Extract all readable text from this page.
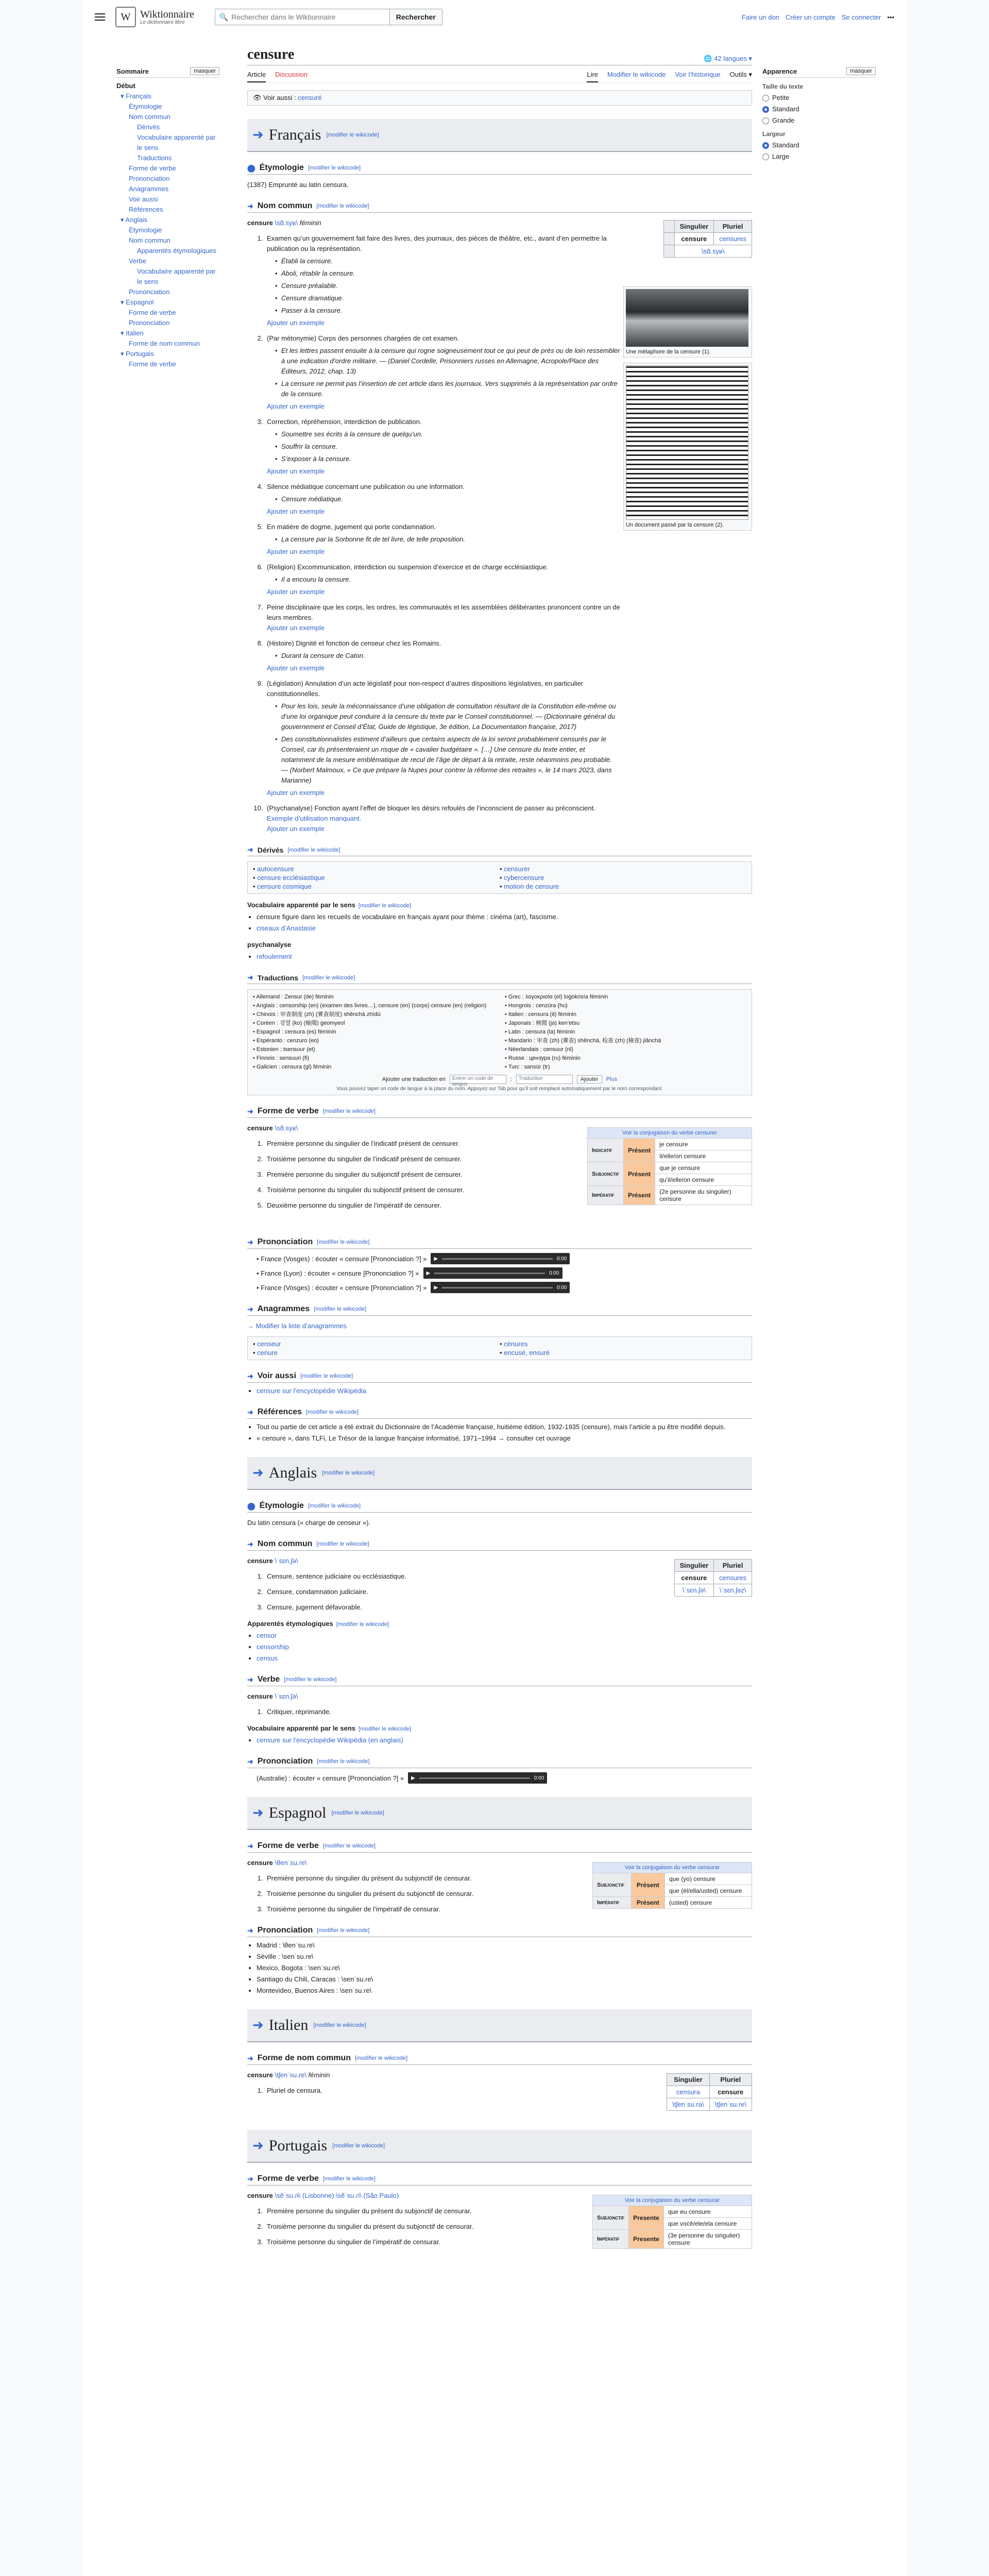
W Wiktionnaire
Le dictionnaire libre
🔍 Rechercher dans le Wiktionnaire	Rechercher	Faire un don Créer un compte Se connecter •••
Sommaire	masquer
Début
▾ Français
Étymologie
Nom commun
Dérivés
Vocabulaire apparenté par le sens
Traductions
Forme de verbe
Prononciation
Anagrammes
Voir aussi
Références
▾ Anglais
Étymologie
Nom commun
Apparentés étymologiques
Verbe
Vocabulaire apparenté par le sens
Prononciation
▾ Espagnol
Forme de verbe
Prononciation
▾ Italien
Forme de nom commun
▾ Portugais
Forme de verbe
Apparence	masquer
Taille du texte
Petite
Standard
Grande
Largeur
Standard
Large
censure	🌐 42 langues ▾
Article Discussion	Lire Modifier le wikicode Voir l’historique Outils ▾
👁 Voir aussi : censuré
➜ Français [modifier le wikicode]
⬤ Étymologie [modifier le wikicode]
(1387) Emprunté au latin censura.
➜ Nom commun [modifier le wikicode]
	Singulier	Pluriel
	censure	censures
	\sɑ̃.syʁ\	
Une métaphore de la censure (1).
Un document passé par la censure (2).
censure \sɑ̃.syʁ\ féminin
1. Examen qu’un gouvernement fait faire des livres, des journaux, des pièces de théâtre, etc., avant d’en permettre la publication ou la représentation.
• Établi la censure.
• Aboli, rétablir la censure.
• Censure préalable.
• Censure dramatique.
• Passer à la censure.
Ajouter un exemple
2. (Par métonymie) Corps des personnes chargées de cet examen.
• Et les lettres passent ensuite à la censure qui rogne soigneusement tout ce qui peut de près ou de loin ressembler à une indication d’ordre militaire. — (Daniel Cordelle, Prisonniers russes en Allemagne, Acropole/Place des Éditeurs, 2012, chap. 13)
• La censure ne permit pas l’insertion de cet article dans les journaux. Vers supprimés à la représentation par ordre de la censure.
Ajouter un exemple
3. Correction, répréhension, interdiction de publication.
• Soumettre ses écrits à la censure de quelqu’un.
• Souffrir la censure.
• S’exposer à la censure.
Ajouter un exemple
4. Silence médiatique concernant une publication ou une information.
• Censure médiatique.
Ajouter un exemple
5. En matière de dogme, jugement qui porte condamnation.
• La censure par la Sorbonne fit de tel livre, de telle proposition.
Ajouter un exemple
6. (Religion) Excommunication, interdiction ou suspension d’exercice et de charge ecclésiastique.
• Il a encouru la censure.
Ajouter un exemple
7. Peine disciplinaire que les corps, les ordres, les communautés et les assemblées délibérantes prononcent contre un de leurs membres.
Ajouter un exemple
8. (Histoire) Dignité et fonction de censeur chez les Romains.
• Durant la censure de Caton.
Ajouter un exemple
9. (Législation) Annulation d’un acte législatif pour non-respect d’autres dispositions législatives, en particulier constitutionnelles.
• Pour les lois, seule la méconnaissance d’une obligation de consultation résultant de la Constitution elle-même ou d’une loi organique peut conduire à la censure du texte par le Conseil constitutionnel. — (Dictionnaire général du gouvernement et Conseil d’État, Guide de légistique, 3e édition, La Documentation française, 2017)
• Des constitutionnalistes estiment d’ailleurs que certains aspects de la loi seront probablement censurés par le Conseil, car ils présenteraient un risque de « cavalier budgétaire ». […] Une censure du texte entier, et notamment de la mesure emblématique de recul de l’âge de départ à la retraite, reste néanmoins peu probable. — (Norbert Malmoux, « Ce que prépare la Nupes pour contrer la réforme des retraites », le 14 mars 2023, dans Marianne)
Ajouter un exemple
10. (Psychanalyse) Fonction ayant l’effet de bloquer les désirs refoulés de l’inconscient de passer au préconscient.
Exemple d’utilisation manquant.
Ajouter un exemple
➜ Dérivés [modifier le wikicode]
• autocensure	• censurer
• censure ecclésiastique	• cybercensure
• censure cosmique	• motion de censure
Vocabulaire apparenté par le sens [modifier le wikicode]
• censure figure dans les recueils de vocabulaire en français ayant pour thème : cinéma (art), fascisme.
• ciseaux d’Anastasie
psychanalyse
• refoulement
➜ Traductions [modifier le wikicode]
• Allemand : Zensur (de) féminin
• Anglais : censorship (en) (examen des livres…), censure (en) (corps) censure (en) (religion)
• Chinois : 审查制度 (zh) (審查制度) shěnchá zhìdù
• Coréen : 검열 (ko) (檢閱) geomyeol
• Espagnol : censura (es) féminin
• Espéranto : cenzuro (eo)
• Estonien : tsensuur (et)
• Finnois : sensuuri (fi)
• Galicien : censura (gl) féminin
• Grec : λογοκρισία (el) logokrisía féminin
• Hongrois : cenzúra (hu)
• Italien : censura (it) féminin
• Japonais : 検閲 (ja) ken’etsu
• Latin : censura (la) féminin
• Mandarin : 审查 (zh) (審查) shěnchá, 检查 (zh) (檢查) jiǎnchá
• Néerlandais : censuur (nl)
• Russe : цензура (ru) féminin
• Turc : sansür (tr)
Ajouter une traduction en	Entrer un code de langue
:	Traduction	Ajouter	Plus
Vous pouvez taper un code de langue à la place du nom. Appuyez sur Tab pour qu’il soit remplacé automatiquement par le nom correspondant.
➜ Forme de verbe [modifier le wikicode]
Voir la conjugaison du verbe censurer		
Indicatif	Présent	je censure
		il/elle/on censure
Subjonctif	Présent	que je censure
		qu’il/elle/on censure
Impératif	Présent	(2e personne du singulier) censure
censure \sɑ̃.syʁ\
1. Première personne du singulier de l’indicatif présent de censurer.
2. Troisième personne du singulier de l’indicatif présent de censurer.
3. Première personne du singulier du subjonctif présent de censurer.
4. Troisième personne du singulier du subjonctif présent de censurer.
5. Deuxième personne du singulier de l’impératif de censurer.
➜ Prononciation [modifier le wikicode]
• France (Vosges) : écouter « censure [Prononciation ?] » ▶	0:00
• France (Lyon) : écouter « censure [Prononciation ?] » ▶	0:00
• France (Vosges) : écouter « censure [Prononciation ?] » ▶	0:00
➜ Anagrammes [modifier le wikicode]
→ Modifier la liste d’anagrammes
• censeur	• cénures
• cenure	• encusé, ensuré
➜ Voir aussi [modifier le wikicode]
• censure sur l’encyclopédie Wikipédia
➜ Références [modifier le wikicode]
• Tout ou partie de cet article a été extrait du Dictionnaire de l’Académie française, huitième édition, 1932-1935 (censure), mais l’article a pu être modifié depuis.
• « censure », dans TLFi, Le Trésor de la langue française informatisé, 1971–1994 → consulter cet ouvrage
➜ Anglais [modifier le wikicode]
⬤ Étymologie [modifier le wikicode]
Du latin censura (« charge de censeur »).
➜ Nom commun [modifier le wikicode]
Singulier	Pluriel
censure	censures
\ˈsɛn.ʃə\	\ˈsɛn.ʃəz\
censure \ˈsɛn.ʃə\
1. Censure, sentence judiciaire ou ecclésiastique.
2. Censure, condamnation judiciaire.
3. Censure, jugement défavorable.
Apparentés étymologiques [modifier le wikicode]
• censor
• censorship
• census
➜ Verbe [modifier le wikicode]
censure \ˈsɛn.ʃə\
1. Critiquer, réprimande.
Vocabulaire apparenté par le sens [modifier le wikicode]
• censure sur l’encyclopédie Wikipédia (en anglais)
➜ Prononciation [modifier le wikicode]
(Australie) : écouter « censure [Prononciation ?] » ▶	0:00
➜ Espagnol [modifier le wikicode]
➜ Forme de verbe [modifier le wikicode]
Voir la conjugaison du verbe censurar		
Subjonctif	Présent	que (yo) censure
		que (él/ella/usted) censure
Impératif	Présent	(usted) censure
censure \θenˈsu.ɾe\
1. Première personne du singulier du présent du subjonctif de censurar.
2. Troisième personne du singulier du présent du subjonctif de censurar.
3. Troisième personne du singulier de l’impératif de censurar.
➜ Prononciation [modifier le wikicode]
• Madrid : \θenˈsu.ɾe\
• Séville : \senˈsu.ɾe\
• Mexico, Bogota : \senˈsu.ɾe\
• Santiago du Chili, Caracas : \senˈsu.ɾe\
• Montevideo, Buenos Aires : \senˈsu.ɾe\
➜ Italien [modifier le wikicode]
➜ Forme de nom commun [modifier le wikicode]
Singulier	Pluriel
censura	censure
\tʃenˈsu.ra\	\tʃenˈsu.re\
censure \tʃenˈsu.re\ féminin
1. Pluriel de censura.
➜ Portugais [modifier le wikicode]
➜ Forme de verbe [modifier le wikicode]
Voir la conjugaison du verbe censurar		
Subjonctif	Presente	que eu censure
		que você/ele/ela censure
Impératif	Presente	(3e personne du singulier) censure
censure \sẽˈsu.ɾɨ\ (Lisbonne) \sẽˈsu.ɾi\ (São Paulo)
1. Première personne du singulier du présent du subjonctif de censurar.
2. Troisième personne du singulier du présent du subjonctif de censurar.
3. Troisième personne du singulier de l’impératif de censurar.
